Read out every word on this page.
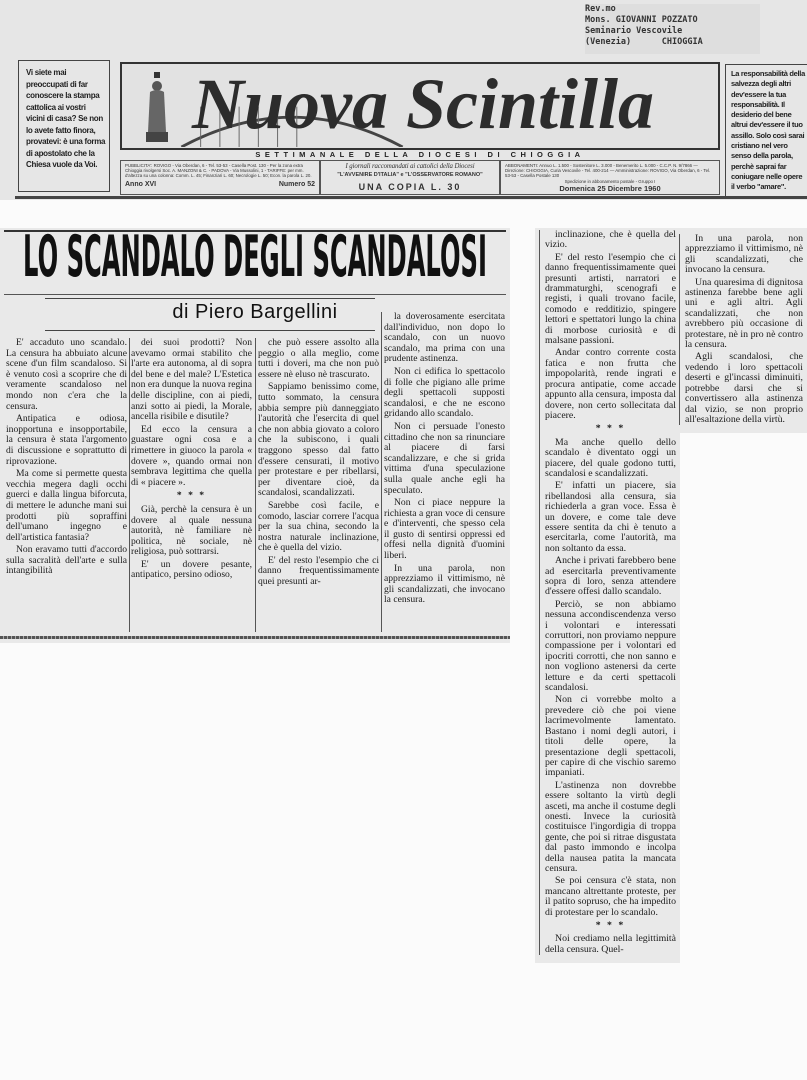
Rev.mo
Mons. GIOVANNI POZZATO
Seminario Vescovile
(Venezia)      CHIOGGIA
Vi siete mai preoccupati di far conoscere la stampa cattolica ai vostri vicini di casa? Se non lo avete fatto finora, provatevi: è una forma di apostolato che la Chiesa vuole da Voi.
Nuova Scintilla
SETTIMANALE DELLA DIOCESI DI CHIOGGIA
PUBBLICITA': ROVIGO - Via Oberdan, 6 - Tel. 53-53 - Casella Post. 130 - Per la zona extra Chioggia rivolgersi Soc. A. MANZONI & C. - PADOVA - Via Mussolini, 1 - TARIFFE: per mm. d'altezza su una colonna: Comm. L. 45; Finanziari L. 60; Necrologie L. 50; Econ. la parola L. 20.
Anno XVI	Numero 52
I giornali raccomandati ai cattolici della Diocesi
"L'AVVENIRE D'ITALIA" e "L'OSSERVATORE ROMANO"
UNA COPIA L. 30
ABBONAMENTI: Annuo L. 1.500 - Sostenitore L. 3.000 - Benemerito L. 5.000 - C.C.P. N. 9/7866 — Direzione: CHIOGGIA, Curia Vescovile - Tel. 400-214 — Amministrazione: ROVIGO, Via Oberdan, 6 - Tel. 53-53 - Casella Postale 130
Spedizione in abbonamento postale - Gruppo I
Domenica 25 Dicembre 1960
La responsabilità della salvezza degli altri dev'essere la tua responsabilità. Il desiderio del bene altrui dev'essere il tuo assillo. Solo così sarai cristiano nel vero senso della parola, perchè saprai far coniugare nelle opere il verbo "amare".
LO SCANDALO DEGLI SCANDALOSI
di Piero Bargellini

E' accaduto uno scandalo. La censura ha abbuiato alcune scene d'un film scandaloso. Si è venuto così a scoprire che di veramente scandaloso nel mondo non c'era che la censura.

Antipatica e odiosa, inopportuna e insopportabile, la censura è stata l'argomento di discussione e soprattutto di riprovazione.

Ma come si permette questa vecchia megera dagli occhi guerci e dalla lingua biforcuta, di mettere le adunche mani sui prodotti più sopraffini dell'umano ingegno e dell'artistica fantasia?

Non eravamo tutti d'accordo sulla sacralità dell'arte e sulla intangibilità

dei suoi prodotti? Non avevamo ormai stabilito che l'arte era autonoma, al di sopra del bene e del male? L'Estetica non era dunque la nuova regina delle discipline, con ai piedi, anzi sotto ai piedi, la Morale, ancella risibile e disutile?

Ed ecco la censura a guastare ogni cosa e a rimettere in giuoco la parola « dovere », quando ormai non sembrava legittima che quella di « piacere ».

* * *

Già, perchè la censura è un dovere al quale nessuna autorità, nè familiare nè politica, nè sociale, nè religiosa, può sottrarsi.

E' un dovere pesante, antipatico, persino odioso,

che può essere assolto alla peggio o alla meglio, come tutti i doveri, ma che non può essere nè eluso nè trascurato.

Sappiamo benissimo come, tutto sommato, la censura abbia sempre più danneggiato l'autorità che l'esercita di quel che non abbia giovato a coloro che la subiscono, i quali traggono spesso dal fatto d'essere censurati, il motivo per protestare e per ribellarsi, per diventare cioè, da scandalosi, scandalizzati.

Sarebbe così facile, e comodo, lasciar correre l'acqua per la sua china, secondo la nostra naturale inclinazione, che è quella del vizio.

E' del resto l'esempio che ci danno frequentissimamente quei presunti ar-

la doverosamente esercitata dall'individuo, non dopo lo scandalo, con un nuovo scandalo, ma prima con una prudente astinenza.

Non ci edifica lo spettacolo di folle che pigiano alle prime degli spettacoli supposti scandalosi, e che ne escono gridando allo scandalo.

Non ci persuade l'onesto cittadino che non sa rinunciare al piacere di farsi scandalizzare, e che si grida vittima d'una speculazione sulla quale anche egli ha speculato.

Non ci piace neppure la richiesta a gran voce di censure e d'interventi, che spesso cela il gusto di sentirsi oppressi ed offesi nella dignità d'uomini liberi.

In una parola, non apprezziamo il vittimismo, nè gli scandalizzati, che invocano la censura.

inclinazione, che è quella del vizio.

E' del resto l'esempio che ci danno frequentissimamente quei presunti artisti, narratori e drammaturghi, scenografi e registi, i quali trovano facile, comodo e redditizio, spingere lettori e spettatori lungo la china di morbose curiosità e di malsane passioni.

Andar contro corrente costa fatica e non frutta che impopolarità, rende ingrati e procura antipatie, come accade appunto alla censura, imposta dal dovere, non certo sollecitata dal piacere.

* * *

Ma anche quello dello scandalo è diventato oggi un piacere, del quale godono tutti, scandalosi e scandalizzati.

E' infatti un piacere, sia ribellandosi alla censura, sia richiederla a gran voce. Essa è un dovere, e come tale deve essere sentita da chi è tenuto a esercitarla, come l'autorità, ma non soltanto da essa.

Anche i privati farebbero bene ad esercitarla preventivamente sopra di loro, senza attendere d'essere offesi dallo scandalo.

Perciò, se non abbiamo nessuna accondiscendenza verso i volontari e interessati corruttori, non proviamo neppure compassione per i volontari ed ipocriti corrotti, che non sanno e non vogliono astenersi da certe letture e da certi spettacoli scandalosi.

Non ci vorrebbe molto a prevedere ciò che poi viene lacrimevolmente lamentato. Bastano i nomi degli autori, i titoli delle opere, la presentazione degli spettacoli, per capire di che vischio saremo impaniati.

L'astinenza non dovrebbe essere soltanto la virtù degli asceti, ma anche il costume degli onesti. Invece la curiosità costituisce l'ingordigia di troppa gente, che poi si ritrae disgustata dal pasto immondo e incolpa della nausea patita la mancata censura.

Se poi censura c'è stata, non mancano altrettante proteste, per il patito sopruso, che ha impedito di protestare per lo scandalo.

* * *

Noi crediamo nella legittimità della censura. Quel-

In una parola, non apprezziamo il vittimismo, nè gli scandalizzati, che invocano la censura.

Una quaresima di dignitosa astinenza farebbe bene agli uni e agli altri. Agli scandalizzati, che non avrebbero più occasione di protestare, nè in pro nè contro la censura.

Agli scandalosi, che vedendo i loro spettacoli deserti e gl'incassi diminuiti, potrebbe darsi che si convertissero alla astinenza dal vizio, se non proprio all'esaltazione della virtù.
